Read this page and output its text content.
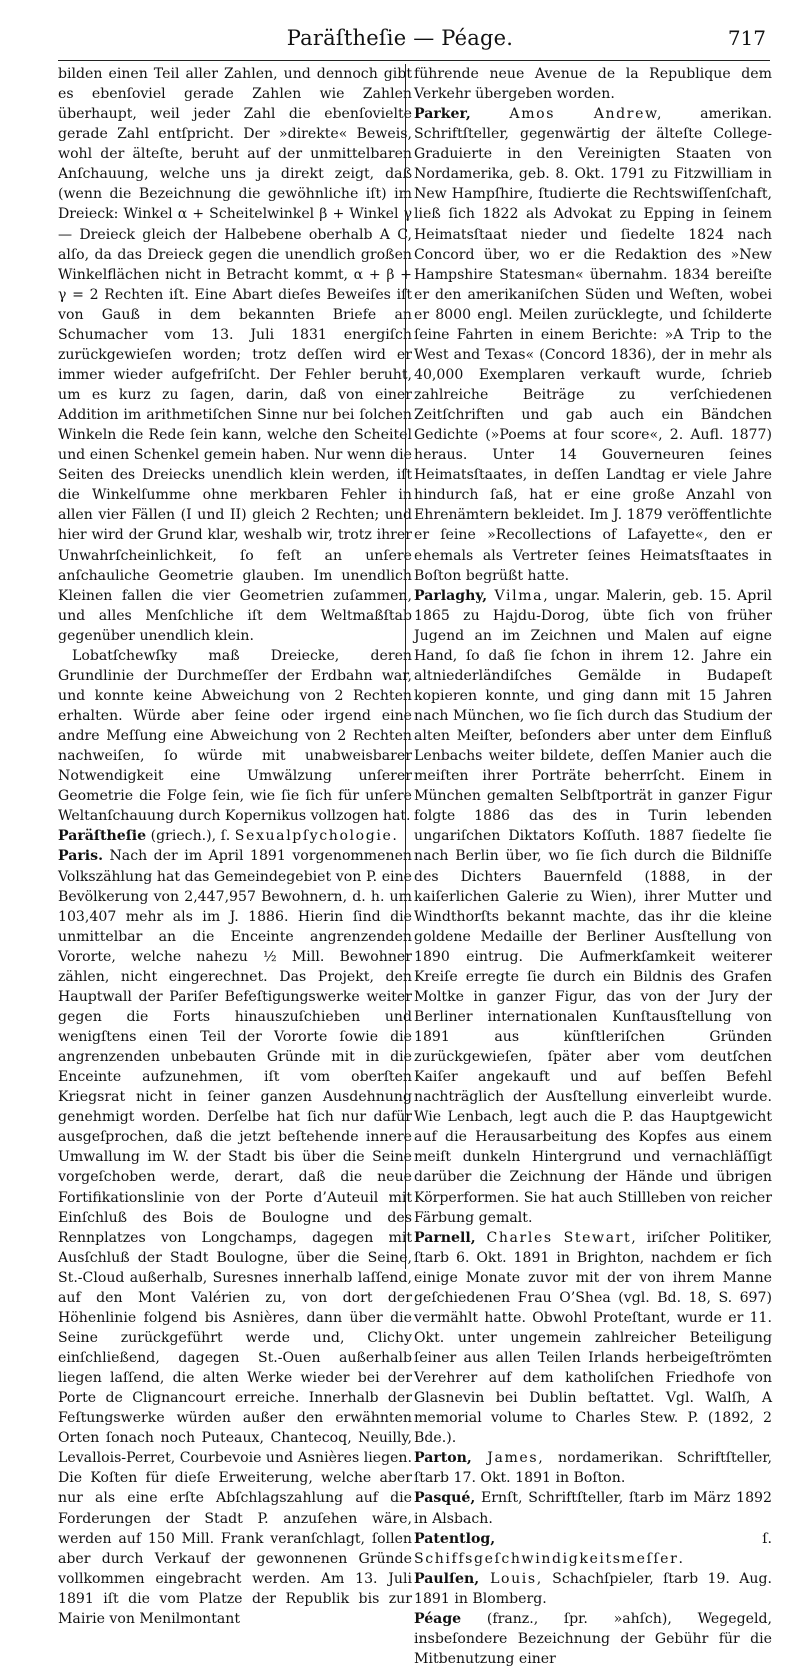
Paräſtheſie — Péage.	717

bilden einen Teil aller Zahlen, und dennoch gibt es ebenſoviel gerade Zahlen wie Zahlen überhaupt, weil jeder Zahl die ebenſovielte gerade Zahl entſpricht. Der »direkte« Beweis, wohl der älteſte, beruht auf der unmittelbaren Anſchauung, welche uns ja direkt zeigt, daß (wenn die Bezeichnung die gewöhnliche iſt) im Dreieck: Winkel α + Scheitelwinkel β + Winkel γ — Dreieck gleich der Halbebene oberhalb A C, alſo, da das Dreieck gegen die unendlich großen Winkelflächen nicht in Betracht kommt, α + β + γ = 2 Rechten iſt. Eine Abart dieſes Beweiſes iſt von Gauß in dem bekannten Briefe an Schumacher vom 13. Juli 1831 energiſch zurückgewieſen worden; trotz deſſen wird er immer wieder aufgefriſcht. Der Fehler beruht, um es kurz zu ſagen, darin, daß von einer Addition im arithmetiſchen Sinne nur bei ſolchen Winkeln die Rede ſein kann, welche den Scheitel und einen Schenkel gemein haben. Nur wenn die Seiten des Dreiecks unendlich klein werden, iſt die Winkelſumme ohne merkbaren Fehler in allen vier Fällen (I und II) gleich 2 Rechten; und hier wird der Grund klar, weshalb wir, trotz ihrer Unwahrſcheinlichkeit, ſo feſt an unſere anſchauliche Geometrie glauben. Im unendlich Kleinen fallen die vier Geometrien zuſammen, und alles Menſchliche iſt dem Weltmaßſtab gegenüber unendlich klein.

Lobatſchewſky maß Dreiecke, deren Grundlinie der Durchmeſſer der Erdbahn war, und konnte keine Abweichung von 2 Rechten erhalten. Würde aber ſeine oder irgend eine andre Meſſung eine Abweichung von 2 Rechten nachweiſen, ſo würde mit unabweisbarer Notwendigkeit eine Umwälzung unſerer Geometrie die Folge ſein, wie ſie ſich für unſere Weltanſchauung durch Kopernikus vollzogen hat.

Paräſtheſie (griech.), ſ. Sexualpſychologie.

Paris. Nach der im April 1891 vorgenommenen Volkszählung hat das Gemeindegebiet von P. eine Bevölkerung von 2,447,957 Bewohnern, d. h. um 103,407 mehr als im J. 1886. Hierin ſind die unmittelbar an die Enceinte angrenzenden Vororte, welche nahezu ½ Mill. Bewohner zählen, nicht eingerechnet. Das Projekt, den Hauptwall der Pariſer Befeſtigungswerke weiter gegen die Forts hinauszuſchieben und wenigſtens einen Teil der Vororte ſowie die angrenzenden unbebauten Gründe mit in die Enceinte aufzunehmen, iſt vom oberſten Kriegsrat nicht in ſeiner ganzen Ausdehnung genehmigt worden. Derſelbe hat ſich nur dafür ausgeſprochen, daß die jetzt beſtehende innere Umwallung im W. der Stadt bis über die Seine vorgeſchoben werde, derart, daß die neue Fortifikationslinie von der Porte d’Auteuil mit Einſchluß des Bois de Boulogne und des Rennplatzes von Longchamps, dagegen mit Ausſchluß der Stadt Boulogne, über die Seine, St.-Cloud außerhalb, Suresnes innerhalb laſſend, auf den Mont Valérien zu, von dort der Höhenlinie folgend bis Asnières, dann über die Seine zurückgeführt werde und, Clichy einſchließend, dagegen St.-Ouen außerhalb liegen laſſend, die alten Werke wieder bei der Porte de Clignancourt erreiche. Innerhalb der Feſtungswerke würden außer den erwähnten Orten ſonach noch Puteaux, Chantecoq, Neuilly, Levallois-Perret, Courbevoie und Asnières liegen. Die Koſten für dieſe Erweiterung, welche aber nur als eine erſte Abſchlagszahlung auf die Forderungen der Stadt P. anzuſehen wäre, werden auf 150 Mill. Frank veranſchlagt, ſollen aber durch Verkauf der gewonnenen Gründe vollkommen eingebracht werden. Am 13. Juli 1891 iſt die vom Platze der Republik bis zur Mairie von Menilmontant

führende neue Avenue de la Republique dem Verkehr übergeben worden.

Parker, Amos Andrew, amerikan. Schriftſteller, gegenwärtig der älteſte College-Graduierte in den Vereinigten Staaten von Nordamerika, geb. 8. Okt. 1791 zu Fitzwilliam in New Hampſhire, ſtudierte die Rechtswiſſenſchaft, ließ ſich 1822 als Advokat zu Epping in ſeinem Heimatsſtaat nieder und ſiedelte 1824 nach Concord über, wo er die Redaktion des »New Hampshire Statesman« übernahm. 1834 bereiſte er den amerikaniſchen Süden und Weſten, wobei er 8000 engl. Meilen zurücklegte, und ſchilderte ſeine Fahrten in einem Berichte: »A Trip to the West and Texas« (Concord 1836), der in mehr als 40,000 Exemplaren verkauft wurde, ſchrieb zahlreiche Beiträge zu verſchiedenen Zeitſchriften und gab auch ein Bändchen Gedichte (»Poems at four score«, 2. Aufl. 1877) heraus. Unter 14 Gouverneuren ſeines Heimatsſtaates, in deſſen Landtag er viele Jahre hindurch ſaß, hat er eine große Anzahl von Ehrenämtern bekleidet. Im J. 1879 veröffentlichte er ſeine »Recollections of Lafayette«, den er ehemals als Vertreter ſeines Heimatsſtaates in Boſton begrüßt hatte.

Parlaghy, Vilma, ungar. Malerin, geb. 15. April 1865 zu Hajdu-Dorog, übte ſich von früher Jugend an im Zeichnen und Malen auf eigne Hand, ſo daß ſie ſchon in ihrem 12. Jahre ein altniederländiſches Gemälde in Budapeſt kopieren konnte, und ging dann mit 15 Jahren nach München, wo ſie ſich durch das Studium der alten Meiſter, beſonders aber unter dem Einfluß Lenbachs weiter bildete, deſſen Manier auch die meiſten ihrer Porträte beherrſcht. Einem in München gemalten Selbſtporträt in ganzer Figur folgte 1886 das des in Turin lebenden ungariſchen Diktators Koſſuth. 1887 ſiedelte ſie nach Berlin über, wo ſie ſich durch die Bildniſſe des Dichters Bauernfeld (1888, in der kaiſerlichen Galerie zu Wien), ihrer Mutter und Windthorſts bekannt machte, das ihr die kleine goldene Medaille der Berliner Ausſtellung von 1890 eintrug. Die Aufmerkſamkeit weiterer Kreiſe erregte ſie durch ein Bildnis des Grafen Moltke in ganzer Figur, das von der Jury der Berliner internationalen Kunſtausſtellung von 1891 aus künſtleriſchen Gründen zurückgewieſen, ſpäter aber vom deutſchen Kaiſer angekauft und auf beſſen Befehl nachträglich der Ausſtellung einverleibt wurde. Wie Lenbach, legt auch die P. das Hauptgewicht auf die Herausarbeitung des Kopfes aus einem meiſt dunkeln Hintergrund und vernachläſſigt darüber die Zeichnung der Hände und übrigen Körperformen. Sie hat auch Stillleben von reicher Färbung gemalt.

Parnell, Charles Stewart, iriſcher Politiker, ſtarb 6. Okt. 1891 in Brighton, nachdem er ſich einige Monate zuvor mit der von ihrem Manne geſchiedenen Frau O’Shea (vgl. Bd. 18, S. 697) vermählt hatte. Obwohl Proteſtant, wurde er 11. Okt. unter ungemein zahlreicher Beteiligung ſeiner aus allen Teilen Irlands herbeigeſtrömten Verehrer auf dem katholiſchen Friedhofe von Glasnevin bei Dublin beſtattet. Vgl. Walſh, A memorial volume to Charles Stew. P. (1892, 2 Bde.).

Parton, James, nordamerikan. Schriftſteller, ſtarb 17. Okt. 1891 in Boſton.

Pasqué, Ernſt, Schriftſteller, ſtarb im März 1892 in Alsbach.

Patentlog, ſ. Schiffsgeſchwindigkeitsmeſſer.

Paulſen, Louis, Schachſpieler, ſtarb 19. Aug. 1891 in Blomberg.

Péage (franz., ſpr. »ahſch), Wegegeld, insbeſondere Bezeichnung der Gebühr für die Mitbenutzung einer
